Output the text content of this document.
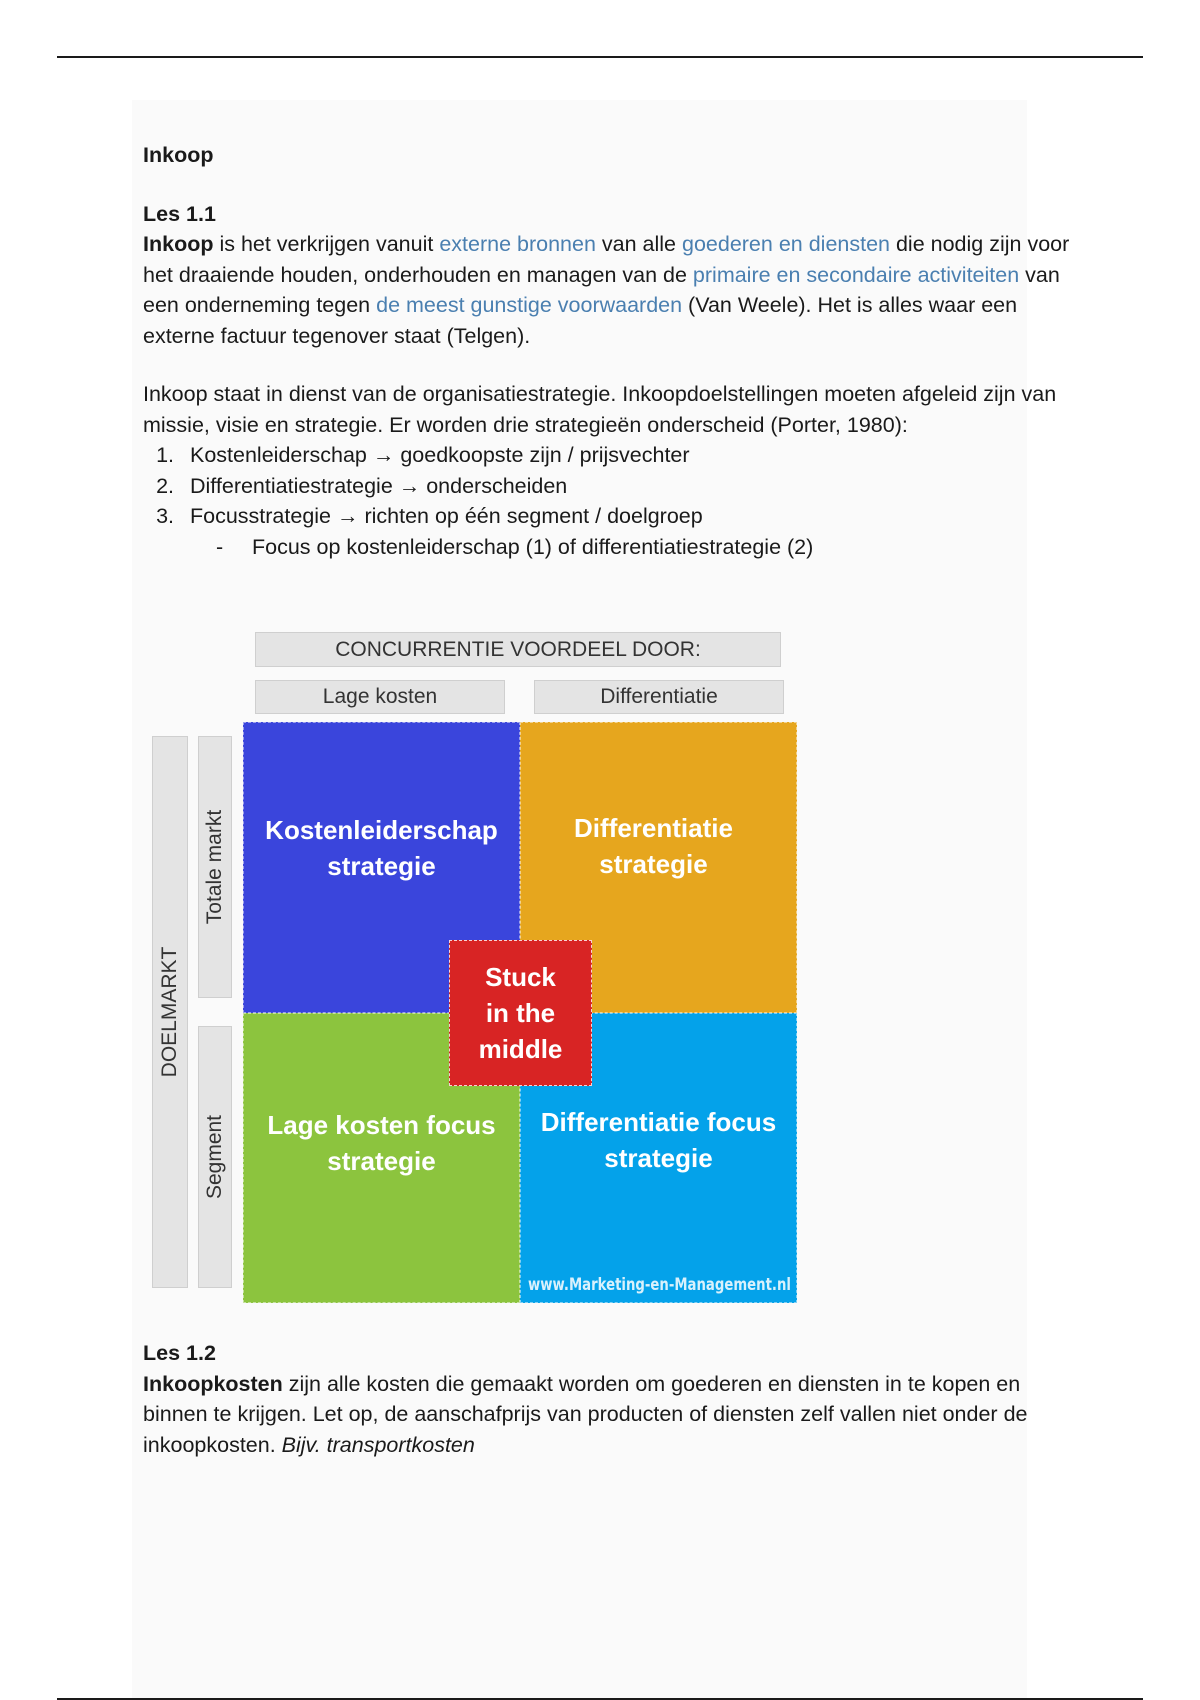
Inkoop

Les 1.1

Inkoop is het verkrijgen vanuit externe bronnen van alle goederen en diensten die nodig zijn voor het draaiende houden, onderhouden en managen van de primaire en secondaire activiteiten van een onderneming tegen de meest gunstige voorwaarden (Van Weele). Het is alles waar een externe factuur tegenover staat (Telgen).

Inkoop staat in dienst van de organisatiestrategie. Inkoopdoelstellingen moeten afgeleid zijn van missie, visie en strategie. Er worden drie strategieën onderscheid (Porter, 1980):

1. Kostenleiderschap → goedkoopste zijn / prijsvechter
2. Differentiatiestrategie → onderscheiden
3. Focusstrategie → richten op één segment / doelgroep

- Focus op kostenleiderschap (1) of differentiatiestrategie (2)

CONCURRENTIE VOORDEEL DOOR:
Lage kosten	Differentiatie
DOELMARKT
Totale markt
Segment
Kostenleiderschap
strategie
Differentiatie
strategie
Lage kosten focus
strategie
Differentiatie focus
strategie
Stuck
in the
middle
www.Marketing-en-Management.nl

Les 1.2

Inkoopkosten zijn alle kosten die gemaakt worden om goederen en diensten in te kopen en binnen te krijgen. Let op, de aanschafprijs van producten of diensten zelf vallen niet onder de inkoopkosten. Bijv. transportkosten
